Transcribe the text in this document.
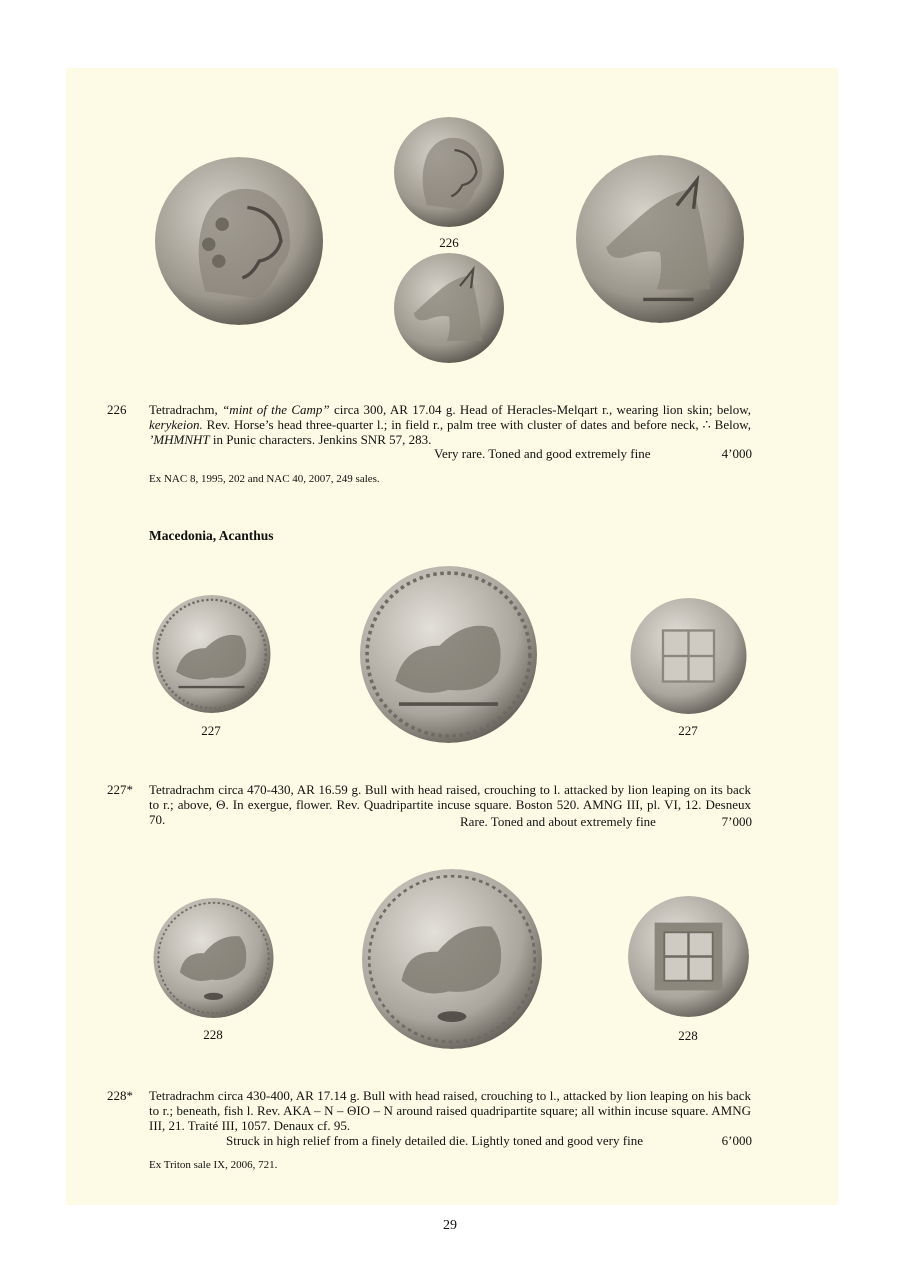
226
226 Tetradrachm, “mint of the Camp” circa 300, AR 17.04 g. Head of Heracles-Melqart r., wearing lion skin; below, kerykeion. Rev. Horse’s head three-quarter l.; in field r., palm tree with cluster of dates and before neck, ∴ Below, ’MHMNHT in Punic characters. Jenkins SNR 57, 283.
Very rare. Toned and good extremely fine	4’000
Ex NAC 8, 1995, 202 and NAC 40, 2007, 249 sales.
Macedonia, Acanthus
227	227
227* Tetradrachm circa 470-430, AR 16.59 g. Bull with head raised, crouching to l. attacked by lion leaping on its back to r.; above, Θ. In exergue, flower. Rev. Quadripartite incuse square. Boston 520. AMNG III, pl. VI, 12. Desneux 70.	Rare. Toned and about extremely fine	7’000
228	228
228* Tetradrachm circa 430-400, AR 17.14 g. Bull with head raised, crouching to l., attacked by lion leaping on his back to r.; beneath, fish l. Rev. AKA – N – ΘIO – N around raised quadripartite square; all within incuse square. AMNG III, 21. Traité III, 1057. Denaux cf. 95.
Struck in high relief from a finely detailed die. Lightly toned and good very fine	6’000
Ex Triton sale IX, 2006, 721.
29
